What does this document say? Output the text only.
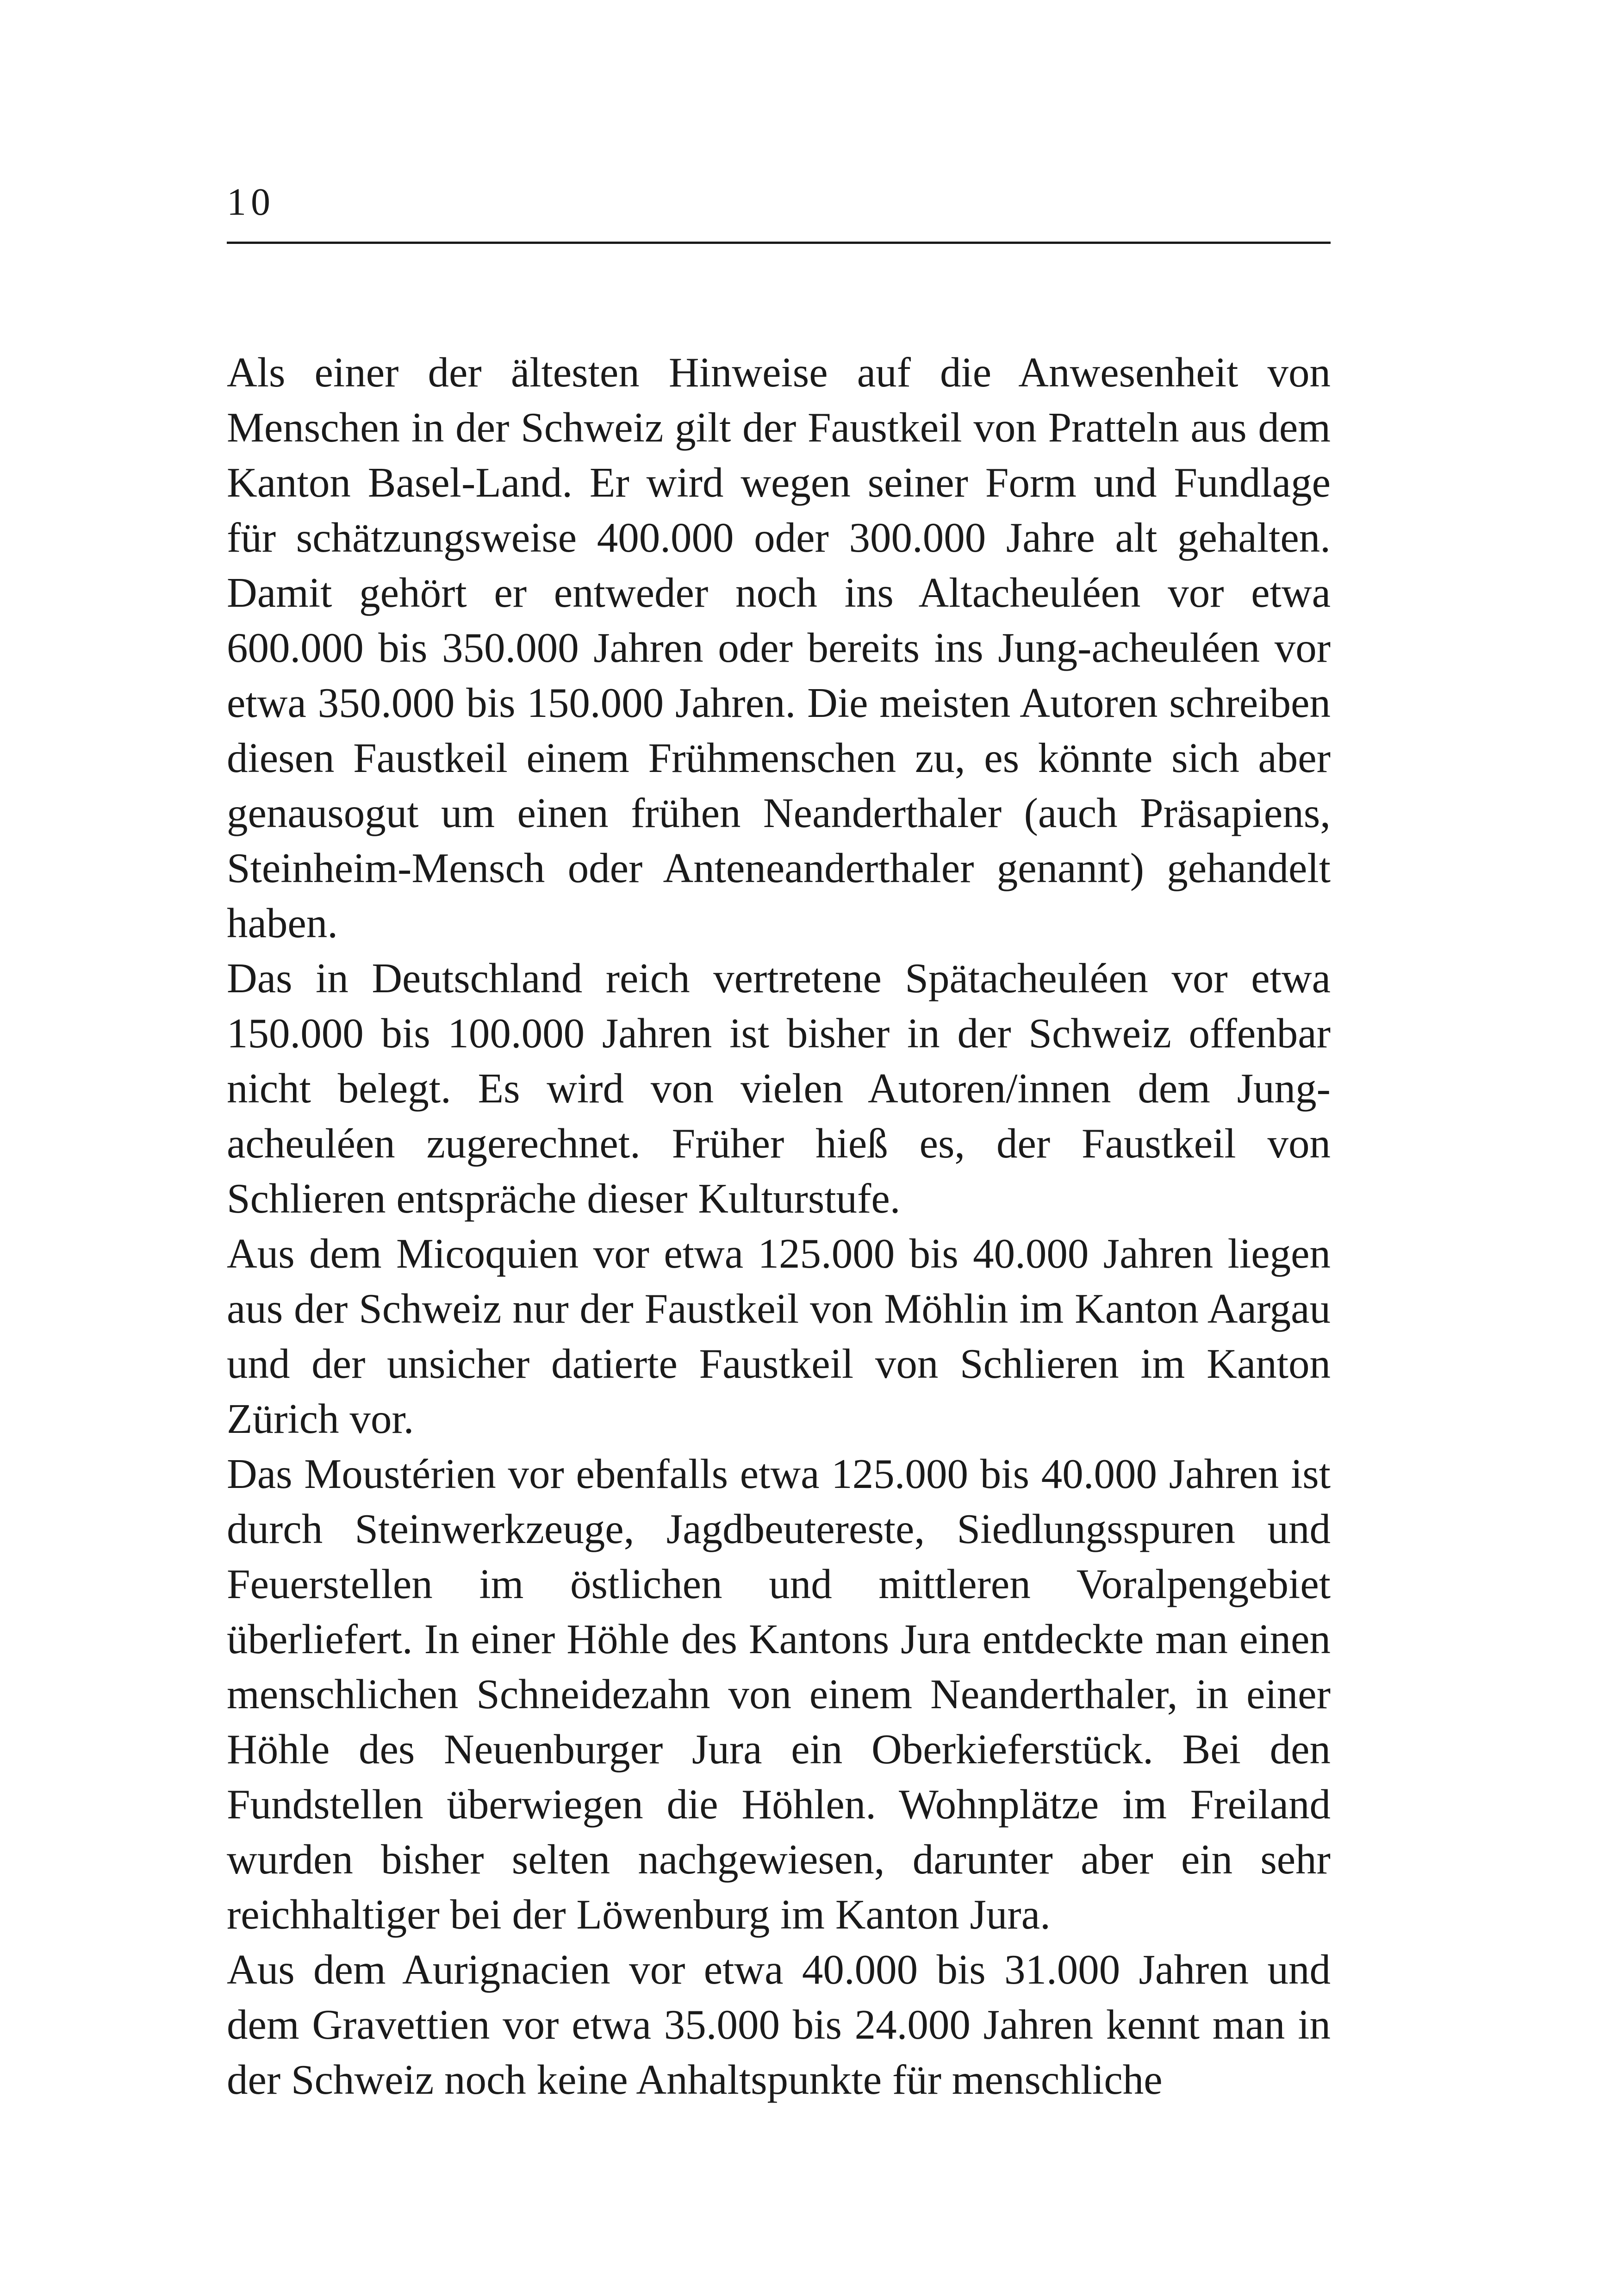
10

Als einer der ältesten Hinweise auf die Anwesenheit von Menschen in der Schweiz gilt der Faustkeil von Pratteln aus dem Kanton Basel-Land. Er wird wegen seiner Form und Fundlage für schätzungsweise 400.000 oder 300.000 Jahre alt gehalten. Damit gehört er entweder noch ins Altacheuléen vor etwa 600.000 bis 350.000 Jahren oder bereits ins Jung-acheuléen vor etwa 350.000 bis 150.000 Jahren. Die meisten Autoren schreiben diesen Faustkeil einem Frühmenschen zu, es könnte sich aber genausogut um einen frühen Neanderthaler (auch Präsapiens, Steinheim-Mensch oder Anteneanderthaler genannt) gehandelt haben.

Das in Deutschland reich vertretene Spätacheuléen vor etwa 150.000 bis 100.000 Jahren ist bisher in der Schweiz offenbar nicht belegt. Es wird von vielen Autoren/innen dem Jung-acheuléen zugerechnet. Früher hieß es, der Faustkeil von Schlieren entspräche dieser Kulturstufe.

Aus dem Micoquien vor etwa 125.000 bis 40.000 Jahren liegen aus der Schweiz nur der Faustkeil von Möhlin im Kanton Aargau und der unsicher datierte Faustkeil von Schlieren im Kanton Zürich vor.

Das Moustérien vor ebenfalls etwa 125.000 bis 40.000 Jahren ist durch Steinwerkzeuge, Jagdbeutereste, Siedlungsspuren und Feuerstellen im östlichen und mittleren Voralpengebiet überliefert. In einer Höhle des Kantons Jura entdeckte man einen menschlichen Schneidezahn von einem Neanderthaler, in einer Höhle des Neuenburger Jura ein Oberkieferstück. Bei den Fundstellen überwiegen die Höhlen. Wohnplätze im Freiland wurden bisher selten nachgewiesen, darunter aber ein sehr reichhaltiger bei der Löwenburg im Kanton Jura.

Aus dem Aurignacien vor etwa 40.000 bis 31.000 Jahren und dem Gravettien vor etwa 35.000 bis 24.000 Jahren kennt man in der Schweiz noch keine Anhaltspunkte für menschliche
